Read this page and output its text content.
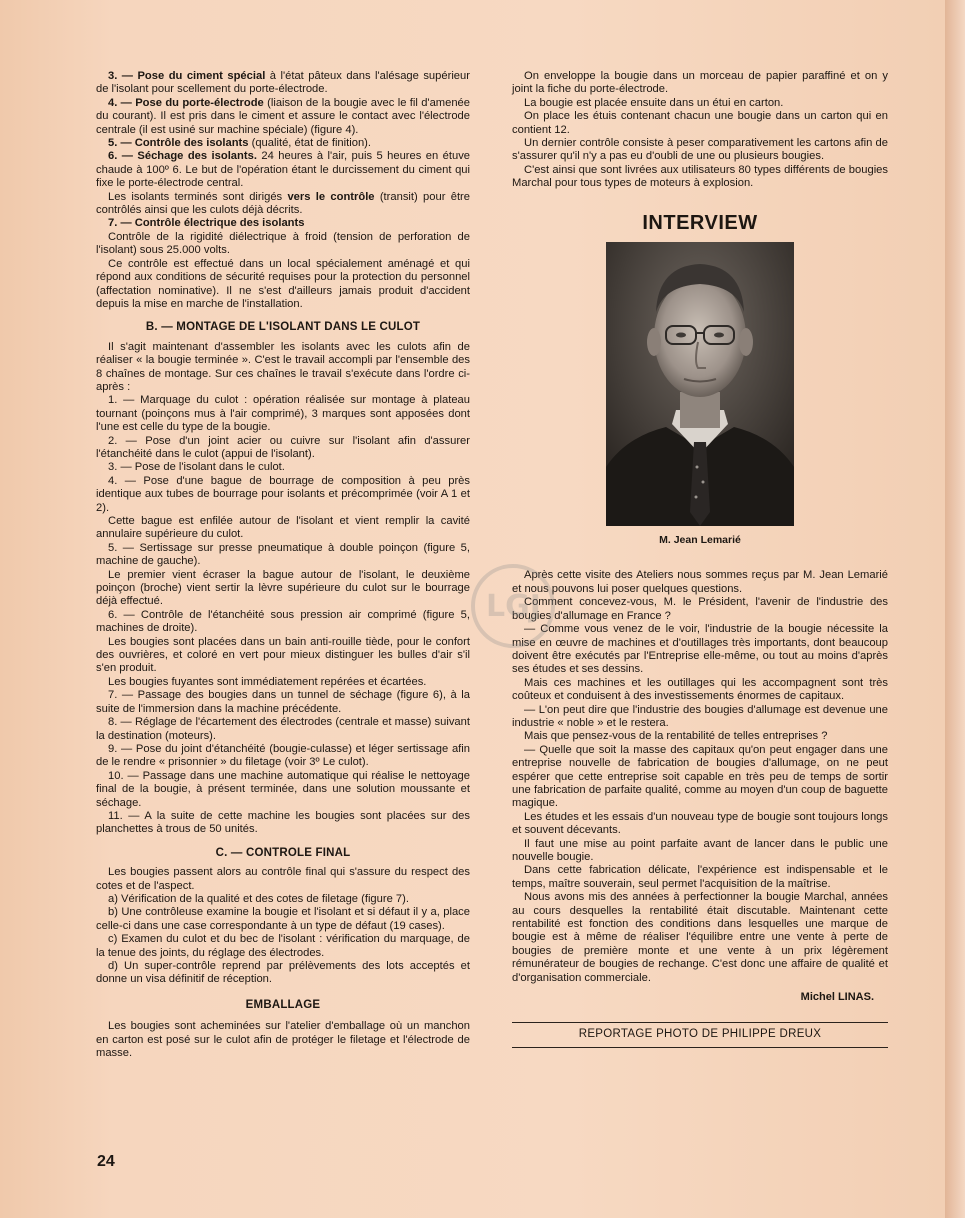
3. — Pose du ciment spécial à l'état pâteux dans l'alésage supérieur de l'isolant pour scellement du porte-électrode.

4. — Pose du porte-électrode (liaison de la bougie avec le fil d'amenée du courant). Il est pris dans le ciment et assure le contact avec l'électrode centrale (il est usiné sur machine spéciale) (figure 4).

5. — Contrôle des isolants (qualité, état de finition).

6. — Séchage des isolants. 24 heures à l'air, puis 5 heures en étuve chaude à 100º 6. Le but de l'opération étant le durcissement du ciment qui fixe le porte-électrode central.

Les isolants terminés sont dirigés vers le contrôle (transit) pour être contrôlés ainsi que les culots déjà décrits.

7. — Contrôle électrique des isolants

Contrôle de la rigidité diélectrique à froid (tension de perforation de l'isolant) sous 25.000 volts.

Ce contrôle est effectué dans un local spécialement aménagé et qui répond aux conditions de sécurité requises pour la protection du personnel (affectation nominative). Il ne s'est d'ailleurs jamais produit d'accident depuis la mise en marche de l'installation.

B. — MONTAGE DE L'ISOLANT DANS LE CULOT

Il s'agit maintenant d'assembler les isolants avec les culots afin de réaliser « la bougie terminée ». C'est le travail accompli par l'ensemble des 8 chaînes de montage. Sur ces chaînes le travail s'exécute dans l'ordre ci-après :

1. — Marquage du culot : opération réalisée sur montage à plateau tournant (poinçons mus à l'air comprimé), 3 marques sont apposées dont l'une est celle du type de la bougie.

2. — Pose d'un joint acier ou cuivre sur l'isolant afin d'assurer l'étanchéité dans le culot (appui de l'isolant).

3. — Pose de l'isolant dans le culot.

4. — Pose d'une bague de bourrage de composition à peu près identique aux tubes de bourrage pour isolants et précomprimée (voir A 1 et 2).

Cette bague est enfilée autour de l'isolant et vient remplir la cavité annulaire supérieure du culot.

5. — Sertissage sur presse pneumatique à double poinçon (figure 5, machine de gauche).

Le premier vient écraser la bague autour de l'isolant, le deuxième poinçon (broche) vient sertir la lèvre supérieure du culot sur le bourrage déjà effectué.

6. — Contrôle de l'étanchéité sous pression air comprimé (figure 5, machines de droite).

Les bougies sont placées dans un bain anti-rouille tiède, pour le confort des ouvrières, et coloré en vert pour mieux distinguer les bulles d'air s'il s'en produit.

Les bougies fuyantes sont immédiatement repérées et écartées.

7. — Passage des bougies dans un tunnel de séchage (figure 6), à la suite de l'immersion dans la machine précédente.

8. — Réglage de l'écartement des électrodes (centrale et masse) suivant la destination (moteurs).

9. — Pose du joint d'étanchéité (bougie-culasse) et léger sertissage afin de le rendre « prisonnier » du filetage (voir 3º Le culot).

10. — Passage dans une machine automatique qui réalise le nettoyage final de la bougie, à présent terminée, dans une solution moussante et séchage.

11. — A la suite de cette machine les bougies sont placées sur des planchettes à trous de 50 unités.

C. — CONTROLE FINAL

Les bougies passent alors au contrôle final qui s'assure du respect des cotes et de l'aspect.

a) Vérification de la qualité et des cotes de filetage (figure 7).

b) Une contrôleuse examine la bougie et l'isolant et si défaut il y a, place celle-ci dans une case correspondante à un type de défaut (19 cases).

c) Examen du culot et du bec de l'isolant : vérification du marquage, de la tenue des joints, du réglage des électrodes.

d) Un super-contrôle reprend par prélèvements des lots acceptés et donne un visa définitif de réception.

EMBALLAGE

Les bougies sont acheminées sur l'atelier d'emballage où un manchon en carton est posé sur le culot afin de protéger le filetage et l'électrode de masse.

On enveloppe la bougie dans un morceau de papier paraffiné et on y joint la fiche du porte-électrode.

La bougie est placée ensuite dans un étui en carton.

On place les étuis contenant chacun une bougie dans un carton qui en contient 12.

Un dernier contrôle consiste à peser comparativement les cartons afin de s'assurer qu'il n'y a pas eu d'oubli de une ou plusieurs bougies.

C'est ainsi que sont livrées aux utilisateurs 80 types différents de bougies Marchal pour tous types de moteurs à explosion.

INTERVIEW
M. Jean Lemarié

Après cette visite des Ateliers nous sommes reçus par M. Jean Lemarié et nous pouvons lui poser quelques questions.

Comment concevez-vous, M. le Président, l'avenir de l'industrie des bougies d'allumage en France ?

— Comme vous venez de le voir, l'industrie de la bougie nécessite la mise en œuvre de machines et d'outillages très importants, dont beaucoup doivent être exécutés par l'Entreprise elle-même, ou tout au moins d'après ses études et ses dessins.

Mais ces machines et les outillages qui les accompagnent sont très coûteux et conduisent à des investissements énormes de capitaux.

— L'on peut dire que l'industrie des bougies d'allumage est devenue une industrie « noble » et le restera.

Mais que pensez-vous de la rentabilité de telles entreprises ?

— Quelle que soit la masse des capitaux qu'on peut engager dans une entreprise nouvelle de fabrication de bougies d'allumage, on ne peut espérer que cette entreprise soit capable en très peu de temps de sortir une fabrication de parfaite qualité, comme au moyen d'un coup de baguette magique.

Les études et les essais d'un nouveau type de bougie sont toujours longs et souvent décevants.

Il faut une mise au point parfaite avant de lancer dans le public une nouvelle bougie.

Dans cette fabrication délicate, l'expérience est indispensable et le temps, maître souverain, seul permet l'acquisition de la maîtrise.

Nous avons mis des années à perfectionner la bougie Marchal, années au cours desquelles la rentabilité était discutable. Maintenant cette rentabilité est fonction des conditions dans lesquelles une marque de bougie est à même de réaliser l'équilibre entre une vente à perte de bougies de première monte et une vente à un prix légèrement rémunérateur de bougies de rechange. C'est donc une affaire de qualité et d'organisation commerciale.

Michel LINAS.
REPORTAGE PHOTO DE PHILIPPE DREUX
LGJ
24
